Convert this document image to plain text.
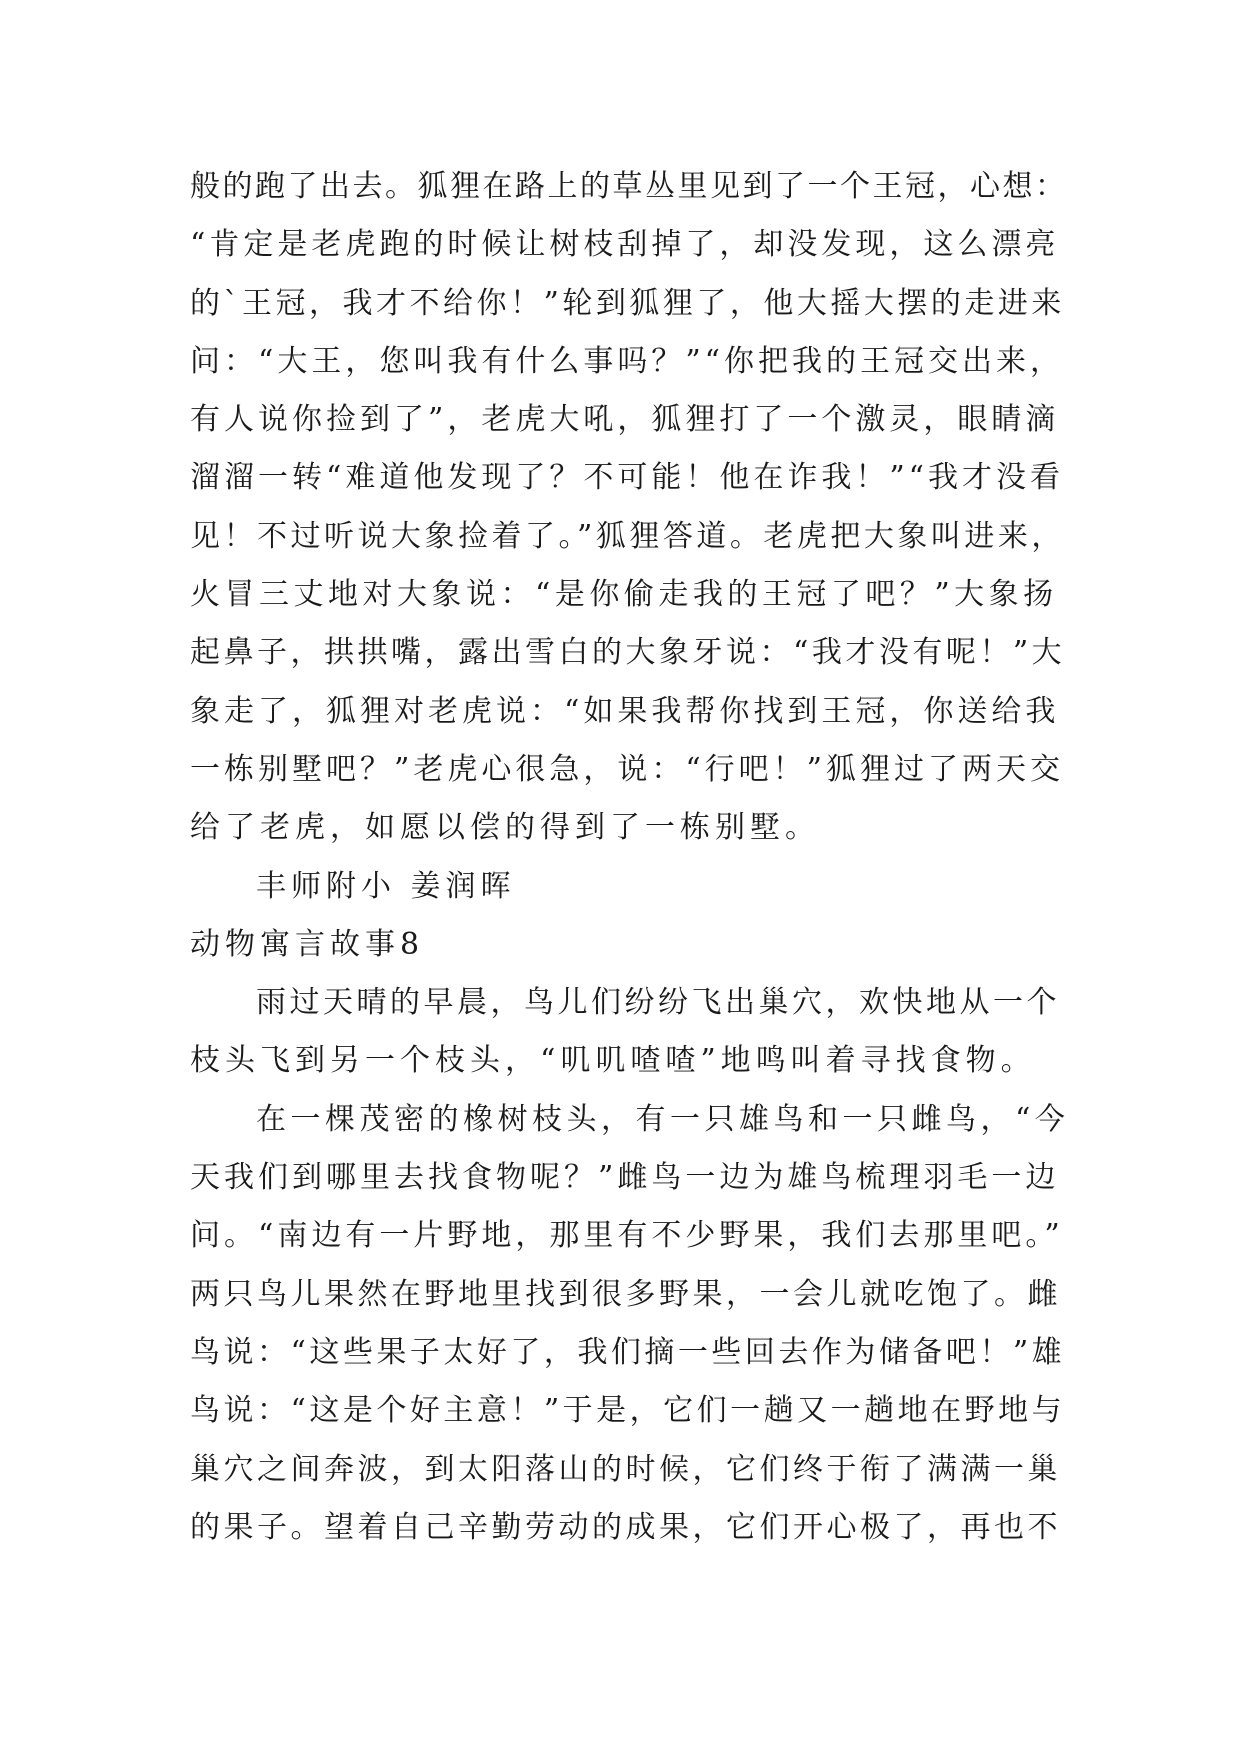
般的跑了出去。狐狸在路上的草丛里见到了一个王冠，心想：
“肯定是老虎跑的时候让树枝刮掉了，却没发现，这么漂亮
的`王冠，我才不给你！”轮到狐狸了，他大摇大摆的走进来
问：“大王，您叫我有什么事吗？”“你把我的王冠交出来，
有人说你捡到了”，老虎大吼，狐狸打了一个激灵，眼睛滴
溜溜一转“难道他发现了？不可能！他在诈我！”“我才没看
见！不过听说大象捡着了。”狐狸答道。老虎把大象叫进来，
火冒三丈地对大象说：“是你偷走我的王冠了吧？”大象扬
起鼻子，拱拱嘴，露出雪白的大象牙说：“我才没有呢！”大
象走了，狐狸对老虎说：“如果我帮你找到王冠，你送给我
一栋别墅吧？”老虎心很急，说：“行吧！”狐狸过了两天交
给了老虎，如愿以偿的得到了一栋别墅。
丰师附小 姜润晖
动物寓言故事8
雨过天晴的早晨，鸟儿们纷纷飞出巢穴，欢快地从一个
枝头飞到另一个枝头，“叽叽喳喳”地鸣叫着寻找食物。
在一棵茂密的橡树枝头，有一只雄鸟和一只雌鸟，“今
天我们到哪里去找食物呢？”雌鸟一边为雄鸟梳理羽毛一边
问。“南边有一片野地，那里有不少野果，我们去那里吧。”
两只鸟儿果然在野地里找到很多野果，一会儿就吃饱了。雌
鸟说：“这些果子太好了，我们摘一些回去作为储备吧！”雄
鸟说：“这是个好主意！”于是，它们一趟又一趟地在野地与
巢穴之间奔波，到太阳落山的时候，它们终于衔了满满一巢
的果子。望着自己辛勤劳动的成果，它们开心极了，再也不
